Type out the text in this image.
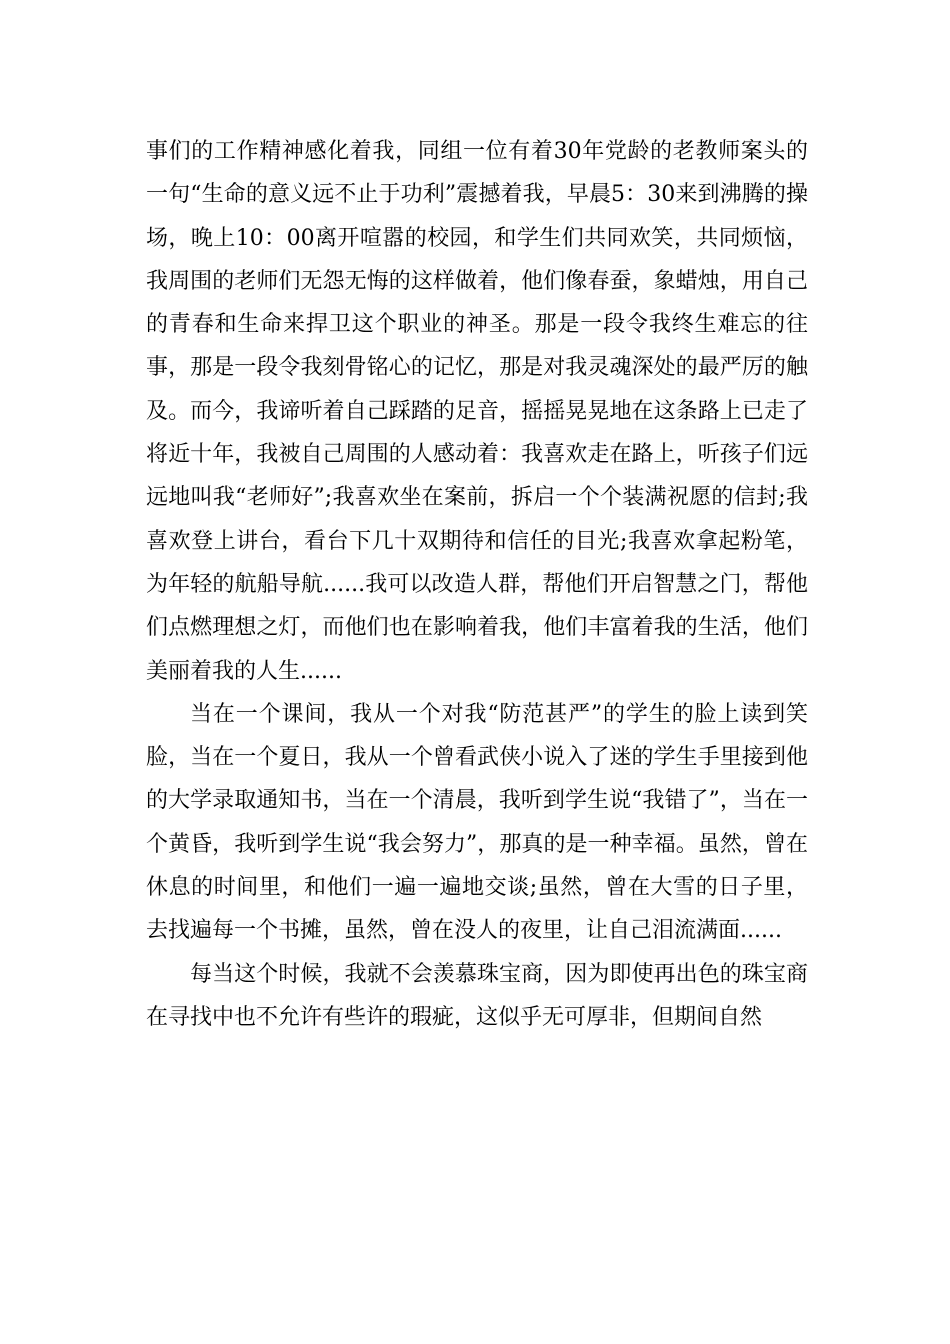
事们的工作精神感化着我，同组一位有着30年党龄的老教师案头的一句“生命的意义远不止于功利”震撼着我，早晨5：30来到沸腾的操场，晚上10：00离开喧嚣的校园，和学生们共同欢笑，共同烦恼，我周围的老师们无怨无悔的这样做着，他们像春蚕，象蜡烛，用自己的青春和生命来捍卫这个职业的神圣。那是一段令我终生难忘的往事，那是一段令我刻骨铭心的记忆，那是对我灵魂深处的最严厉的触及。而今，我谛听着自己踩踏的足音，摇摇晃晃地在这条路上已走了将近十年，我被自己周围的人感动着：我喜欢走在路上，听孩子们远远地叫我“老师好”;我喜欢坐在案前，拆启一个个装满祝愿的信封;我喜欢登上讲台，看台下几十双期待和信任的目光;我喜欢拿起粉笔，为年轻的航船导航......我可以改造人群，帮他们开启智慧之门，帮他们点燃理想之灯，而他们也在影响着我，他们丰富着我的生活，他们美丽着我的人生......

当在一个课间，我从一个对我“防范甚严”的学生的脸上读到笑脸，当在一个夏日，我从一个曾看武侠小说入了迷的学生手里接到他的大学录取通知书，当在一个清晨，我听到学生说“我错了”，当在一个黄昏，我听到学生说“我会努力”，那真的是一种幸福。虽然，曾在休息的时间里，和他们一遍一遍地交谈;虽然，曾在大雪的日子里，去找遍每一个书摊，虽然，曾在没人的夜里，让自己泪流满面......

每当这个时候，我就不会羡慕珠宝商，因为即使再出色的珠宝商在寻找中也不允许有些许的瑕疵，这似乎无可厚非，但期间自然
